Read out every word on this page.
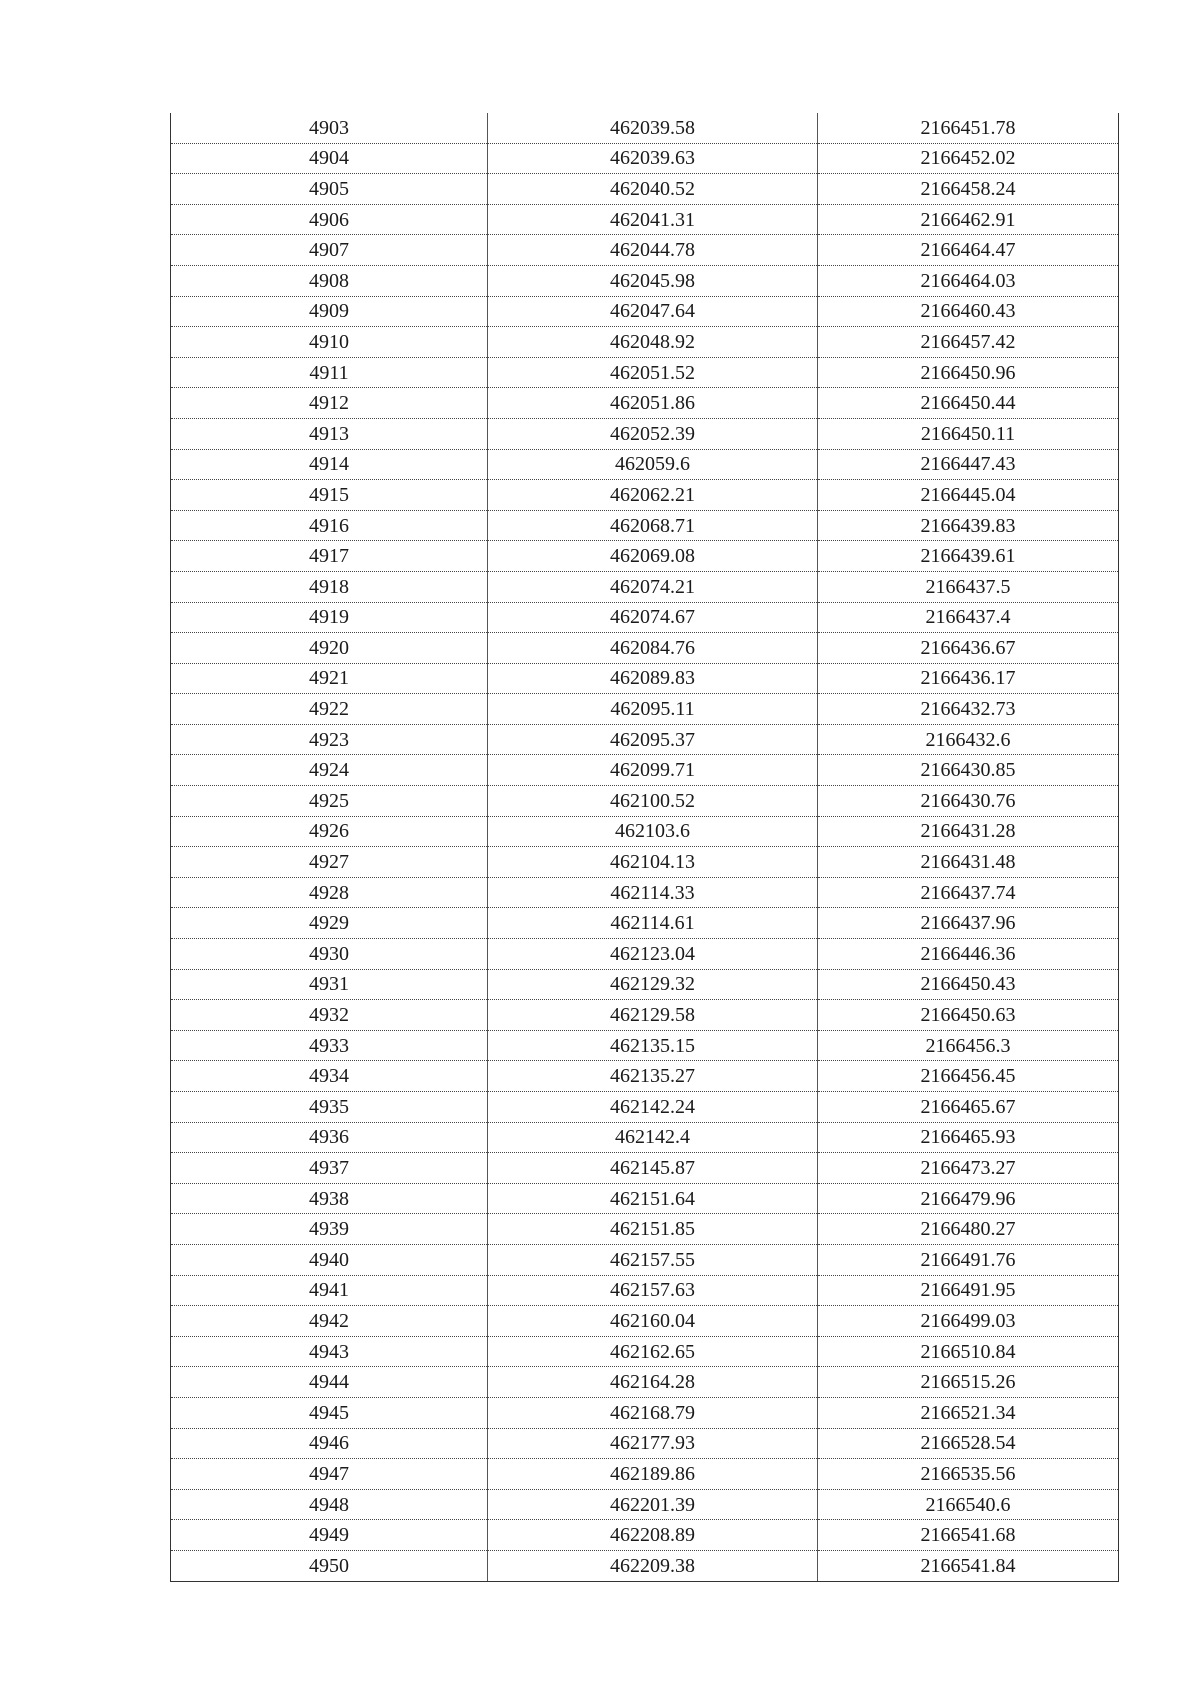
4903	462039.58	2166451.78
4904	462039.63	2166452.02
4905	462040.52	2166458.24
4906	462041.31	2166462.91
4907	462044.78	2166464.47
4908	462045.98	2166464.03
4909	462047.64	2166460.43
4910	462048.92	2166457.42
4911	462051.52	2166450.96
4912	462051.86	2166450.44
4913	462052.39	2166450.11
4914	462059.6	2166447.43
4915	462062.21	2166445.04
4916	462068.71	2166439.83
4917	462069.08	2166439.61
4918	462074.21	2166437.5
4919	462074.67	2166437.4
4920	462084.76	2166436.67
4921	462089.83	2166436.17
4922	462095.11	2166432.73
4923	462095.37	2166432.6
4924	462099.71	2166430.85
4925	462100.52	2166430.76
4926	462103.6	2166431.28
4927	462104.13	2166431.48
4928	462114.33	2166437.74
4929	462114.61	2166437.96
4930	462123.04	2166446.36
4931	462129.32	2166450.43
4932	462129.58	2166450.63
4933	462135.15	2166456.3
4934	462135.27	2166456.45
4935	462142.24	2166465.67
4936	462142.4	2166465.93
4937	462145.87	2166473.27
4938	462151.64	2166479.96
4939	462151.85	2166480.27
4940	462157.55	2166491.76
4941	462157.63	2166491.95
4942	462160.04	2166499.03
4943	462162.65	2166510.84
4944	462164.28	2166515.26
4945	462168.79	2166521.34
4946	462177.93	2166528.54
4947	462189.86	2166535.56
4948	462201.39	2166540.6
4949	462208.89	2166541.68
4950	462209.38	2166541.84
